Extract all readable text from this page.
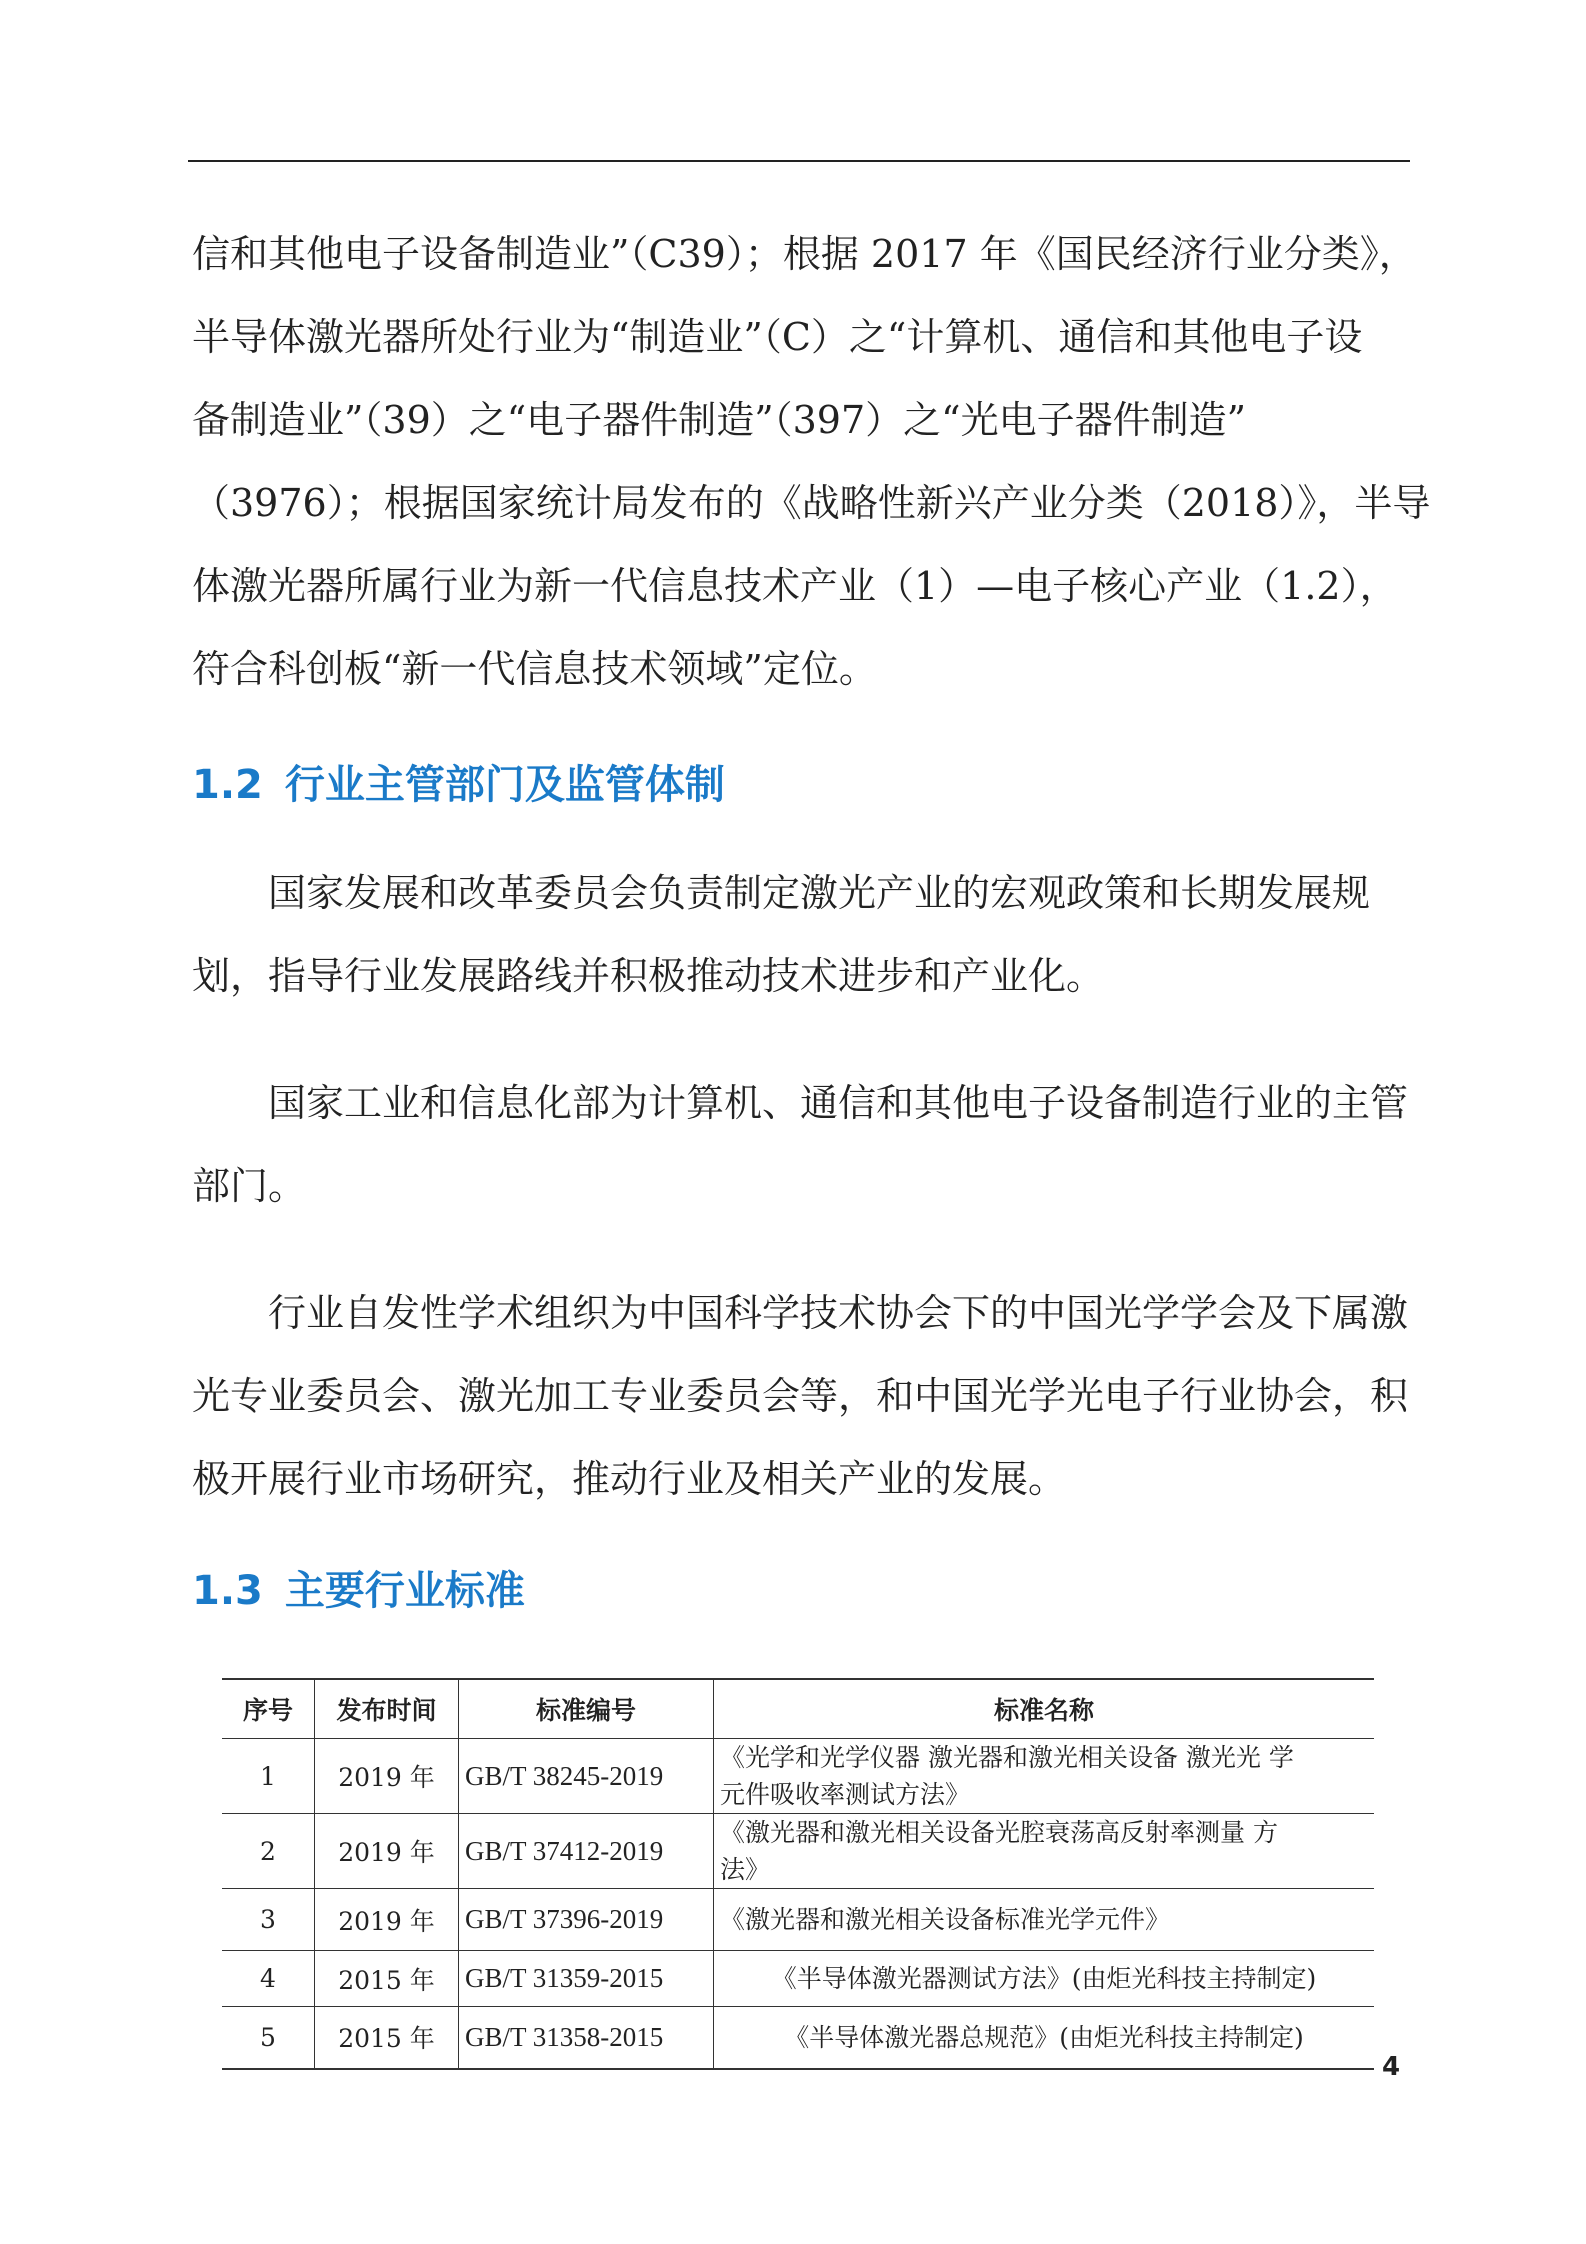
信和其他电子设备制造业”（C39）；根据 2017 年《国民经济行业分类》，
半导体激光器所处行业为“制造业”（C）之“计算机、通信和其他电子设
备制造业”（39）之“电子器件制造”（397）之“光电子器件制造”
（3976）；根据国家统计局发布的《战略性新兴产业分类（2018）》，半导
体激光器所属行业为新一代信息技术产业（1）—电子核心产业（1.2），
符合科创板“新一代信息技术领域”定位。

1.2 行业主管部门及监管体制

　　国家发展和改革委员会负责制定激光产业的宏观政策和长期发展规
划，指导行业发展路线并积极推动技术进步和产业化。

　　国家工业和信息化部为计算机、通信和其他电子设备制造行业的主管
部门。

　　行业自发性学术组织为中国科学技术协会下的中国光学学会及下属激
光专业委员会、激光加工专业委员会等，和中国光学光电子行业协会，积
极开展行业市场研究，推动行业及相关产业的发展。

1.3 主要行业标准
序号	发布时间	标准编号	标准名称
1	2019 年	GB/T 38245-2019	《光学和光学仪器 激光器和激光相关设备 激光光 学
元件吸收率测试方法》

2	2019 年	GB/T 37412-2019	《激光器和激光相关设备光腔衰荡高反射率测量 方
法》

3	2019 年	GB/T 37396-2019	《激光器和激光相关设备标准光学元件》

4	2015 年	GB/T 31359-2015	《半导体激光器测试方法》(由炬光科技主持制定)

5	2015 年	GB/T 31358-2015	《半导体激光器总规范》(由炬光科技主持制定)
4
